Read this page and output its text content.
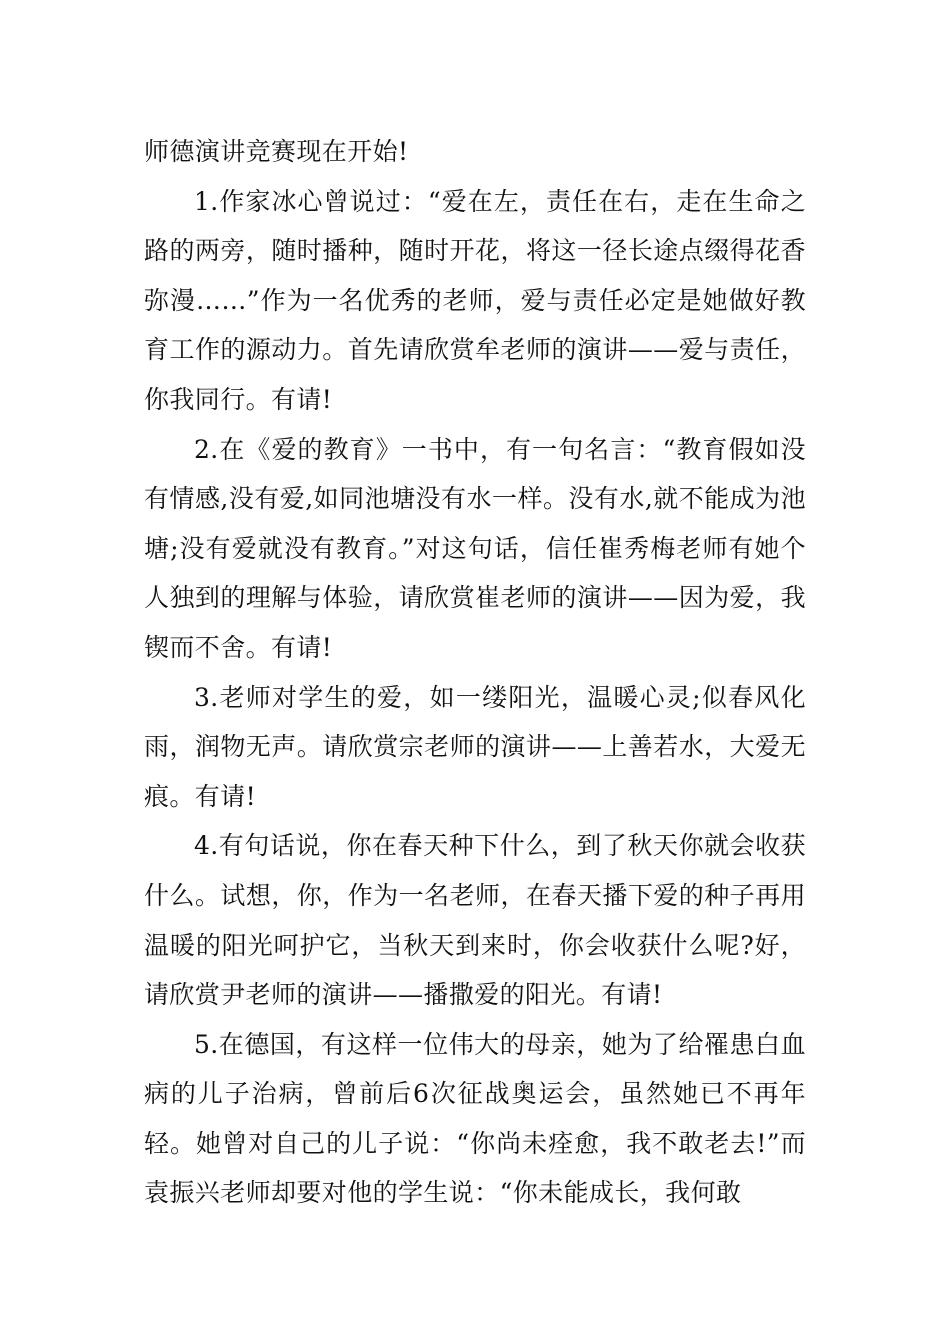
师德演讲竞赛现在开始!

1.作家冰心曾说过：“爱在左，责任在右，走在生命之路的两旁，随时播种，随时开花，将这一径长途点缀得花香弥漫……”作为一名优秀的老师，爱与责任必定是她做好教育工作的源动力。首先请欣赏牟老师的演讲——爱与责任，你我同行。有请!

2.在《爱的教育》一书中，有一句名言：“教育假如没有情感,没有爱,如同池塘没有水一样。没有水,就不能成为池塘;没有爱就没有教育。”对这句话，信任崔秀梅老师有她个人独到的理解与体验，请欣赏崔老师的演讲——因为爱，我锲而不舍。有请!

3.老师对学生的爱，如一缕阳光，温暖心灵;似春风化雨，润物无声。请欣赏宗老师的演讲——上善若水，大爱无痕。有请!

4.有句话说，你在春天种下什么，到了秋天你就会收获什么。试想，你，作为一名老师，在春天播下爱的种子再用温暖的阳光呵护它，当秋天到来时，你会收获什么呢?好，请欣赏尹老师的演讲——播撒爱的阳光。有请!

5.在德国，有这样一位伟大的母亲，她为了给罹患白血病的儿子治病，曾前后6次征战奥运会，虽然她已不再年轻。她曾对自己的儿子说：“你尚未痊愈，我不敢老去!”而袁振兴老师却要对他的学生说：“你未能成长，我何敢
